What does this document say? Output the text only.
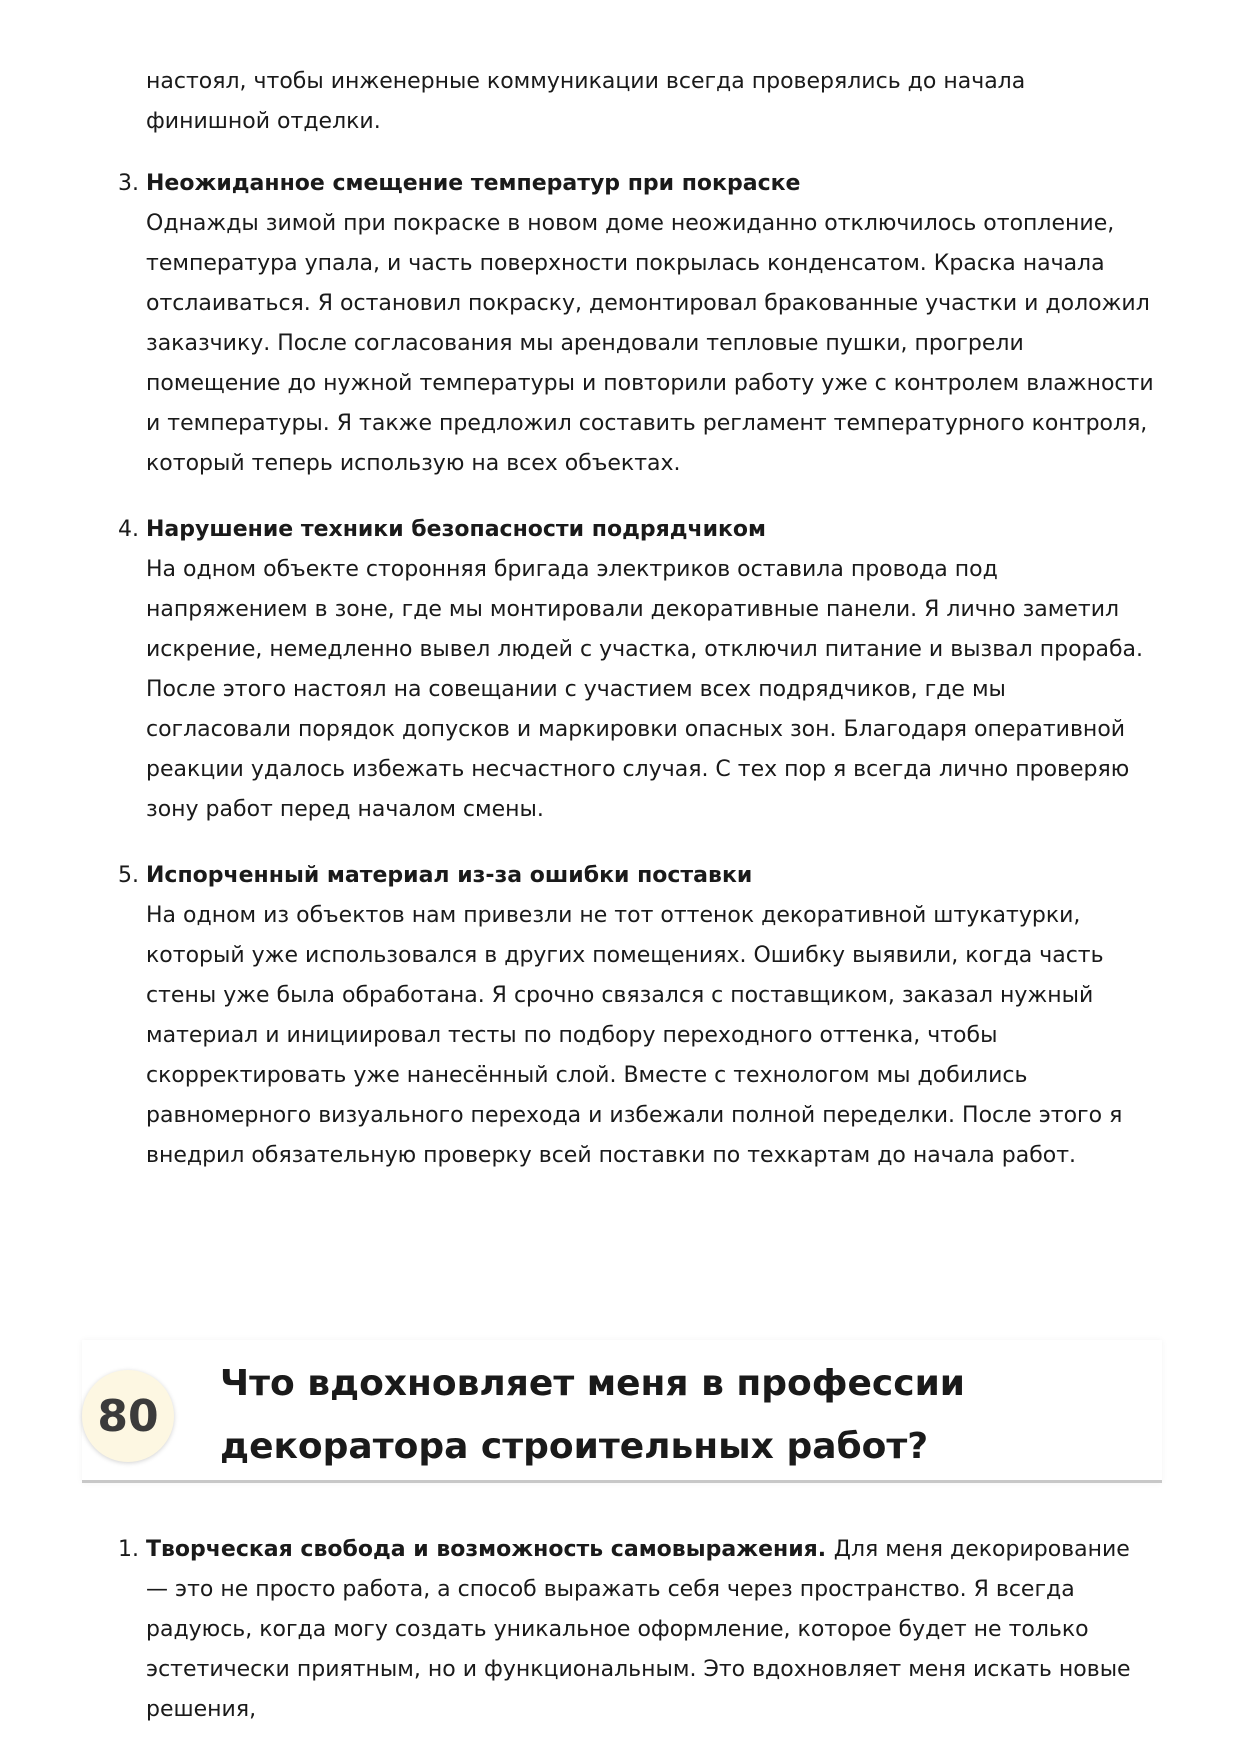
настоял, чтобы инженерные коммуникации всегда проверялись до начала финишной отделки.

3. Неожиданное смещение температур при покраске
Однажды зимой при покраске в новом доме неожиданно отключилось отопление, температура упала, и часть поверхности покрылась конденсатом. Краска начала отслаиваться. Я остановил покраску, демонтировал бракованные участки и доложил заказчику. После согласования мы арендовали тепловые пушки, прогрели помещение до нужной температуры и повторили работу уже с контролем влажности и температуры. Я также предложил составить регламент температурного контроля, который теперь использую на всех объектах.
4. Нарушение техники безопасности подрядчиком
На одном объекте сторонняя бригада электриков оставила провода под напряжением в зоне, где мы монтировали декоративные панели. Я лично заметил искрение, немедленно вывел людей с участка, отключил питание и вызвал прораба. После этого настоял на совещании с участием всех подрядчиков, где мы согласовали порядок допусков и маркировки опасных зон. Благодаря оперативной реакции удалось избежать несчастного случая. С тех пор я всегда лично проверяю зону работ перед началом смены.
5. Испорченный материал из-за ошибки поставки
На одном из объектов нам привезли не тот оттенок декоративной штукатурки, который уже использовался в других помещениях. Ошибку выявили, когда часть стены уже была обработана. Я срочно связался с поставщиком, заказал нужный материал и инициировал тесты по подбору переходного оттенка, чтобы скорректировать уже нанесённый слой. Вместе с технологом мы добились равномерного визуального перехода и избежали полной переделки. После этого я внедрил обязательную проверку всей поставки по техкартам до начала работ.
80
Что вдохновляет меня в профессии декоратора строительных работ?
1. Творческая свобода и возможность самовыражения. Для меня декорирование — это не просто работа, а способ выражать себя через пространство. Я всегда радуюсь, когда могу создать уникальное оформление, которое будет не только эстетически приятным, но и функциональным. Это вдохновляет меня искать новые решения,
